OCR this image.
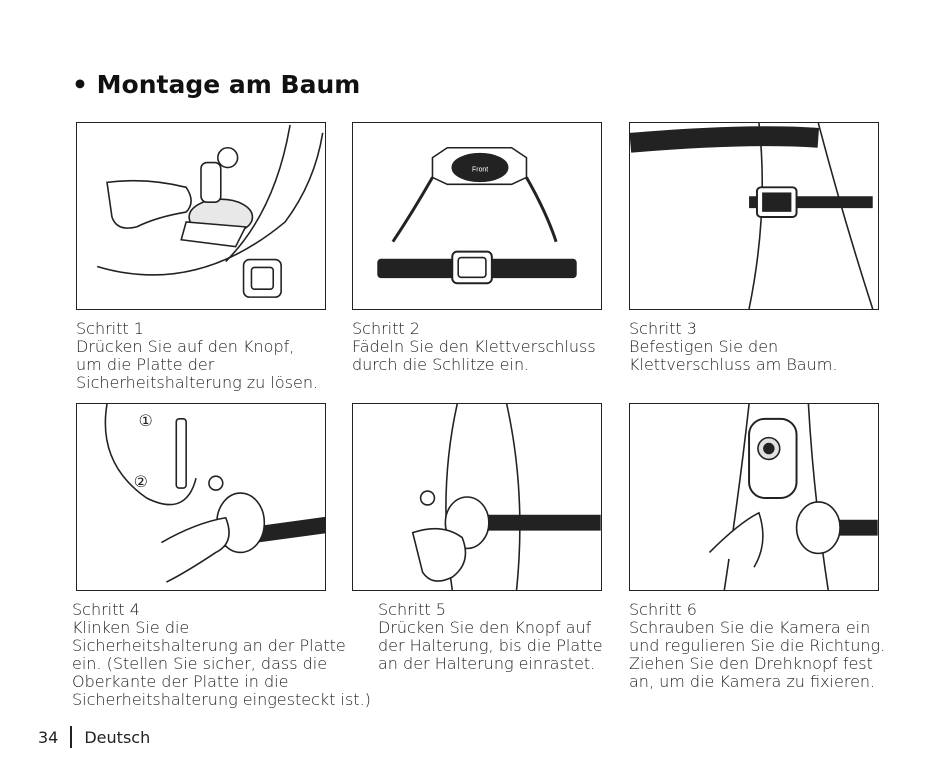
• Montage am Baum
Front
①
②
Schritt 1
Drücken Sie auf den Knopf,
um die Platte der
Sicherheitshalterung zu lösen.
Schritt 2
Fädeln Sie den Klettverschluss
durch die Schlitze ein.
Schritt 3
Befestigen Sie den
Klettverschluss am Baum.
Schritt 4
Klinken Sie die
Sicherheitshalterung an der Platte
ein. (Stellen Sie sicher, dass die
Oberkante der Platte in die
Sicherheitshalterung eingesteckt ist.)
Schritt 5
Drücken Sie den Knopf auf
der Halterung, bis die Platte
an der Halterung einrastet.
Schritt 6
Schrauben Sie die Kamera ein
und regulieren Sie die Richtung.
Ziehen Sie den Drehknopf fest
an, um die Kamera zu fixieren.
34 Deutsch
